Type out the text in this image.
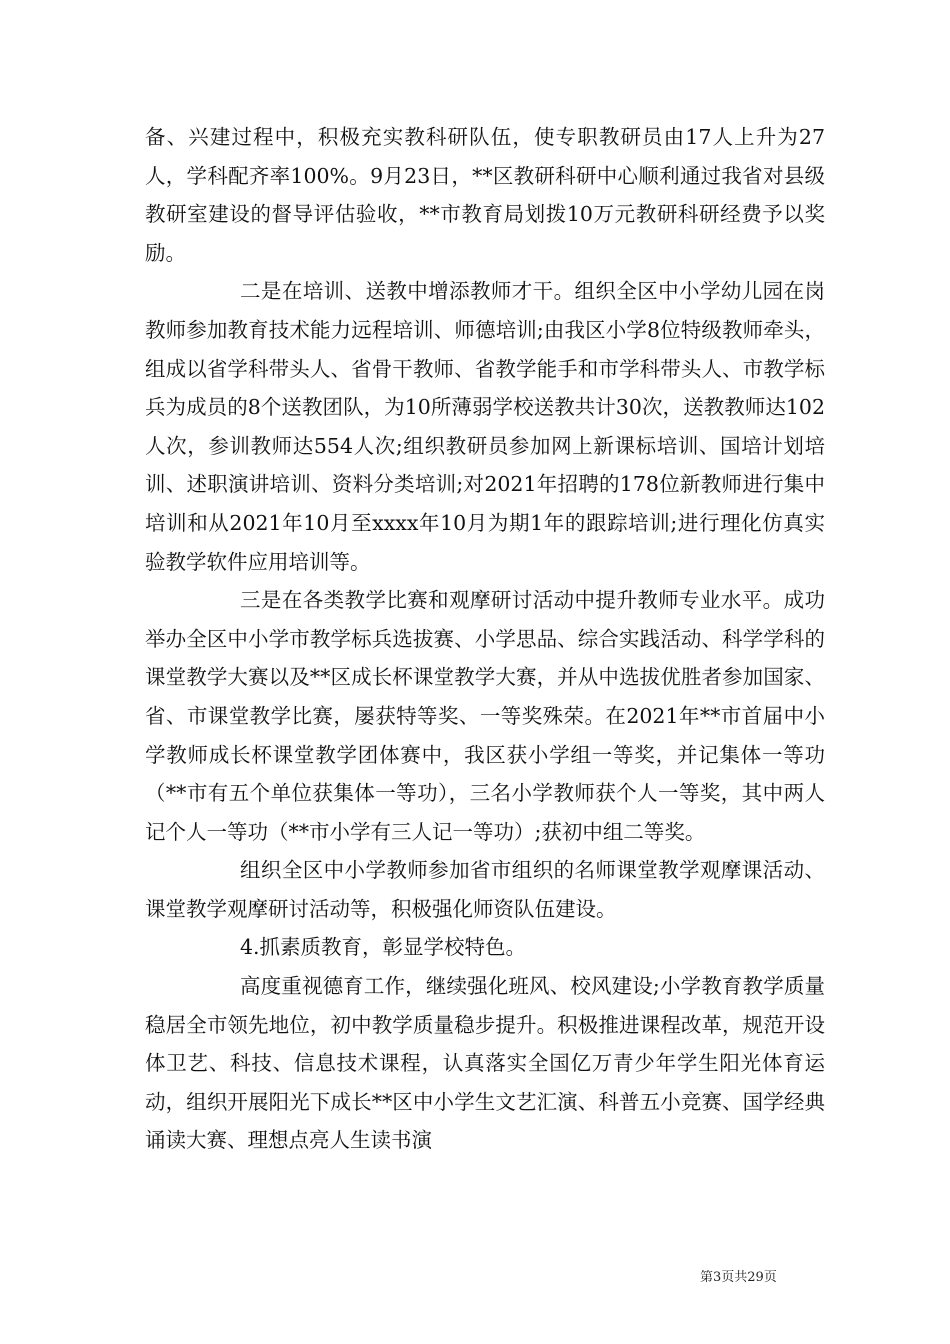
备、兴建过程中，积极充实教科研队伍，使专职教研员由17人上升为27人，学科配齐率100%。9月23日，**区教研科研中心顺利通过我省对县级教研室建设的督导评估验收，**市教育局划拨10万元教研科研经费予以奖励。

二是在培训、送教中增添教师才干。组织全区中小学幼儿园在岗教师参加教育技术能力远程培训、师德培训;由我区小学8位特级教师牵头，组成以省学科带头人、省骨干教师、省教学能手和市学科带头人、市教学标兵为成员的8个送教团队，为10所薄弱学校送教共计30次，送教教师达102人次，参训教师达554人次;组织教研员参加网上新课标培训、国培计划培训、述职演讲培训、资料分类培训;对2021年招聘的178位新教师进行集中培训和从2021年10月至xxxx年10月为期1年的跟踪培训;进行理化仿真实验教学软件应用培训等。

三是在各类教学比赛和观摩研讨活动中提升教师专业水平。成功举办全区中小学市教学标兵选拔赛、小学思品、综合实践活动、科学学科的课堂教学大赛以及**区成长杯课堂教学大赛，并从中选拔优胜者参加国家、省、市课堂教学比赛，屡获特等奖、一等奖殊荣。在2021年**市首届中小学教师成长杯课堂教学团体赛中，我区获小学组一等奖，并记集体一等功（**市有五个单位获集体一等功），三名小学教师获个人一等奖，其中两人记个人一等功（**市小学有三人记一等功）;获初中组二等奖。

组织全区中小学教师参加省市组织的名师课堂教学观摩课活动、课堂教学观摩研讨活动等，积极强化师资队伍建设。

4.抓素质教育，彰显学校特色。

高度重视德育工作，继续强化班风、校风建设;小学教育教学质量稳居全市领先地位，初中教学质量稳步提升。积极推进课程改革，规范开设体卫艺、科技、信息技术课程，认真落实全国亿万青少年学生阳光体育运动，组织开展阳光下成长**区中小学生文艺汇演、科普五小竞赛、国学经典诵读大赛、理想点亮人生读书演

第3页共29页
